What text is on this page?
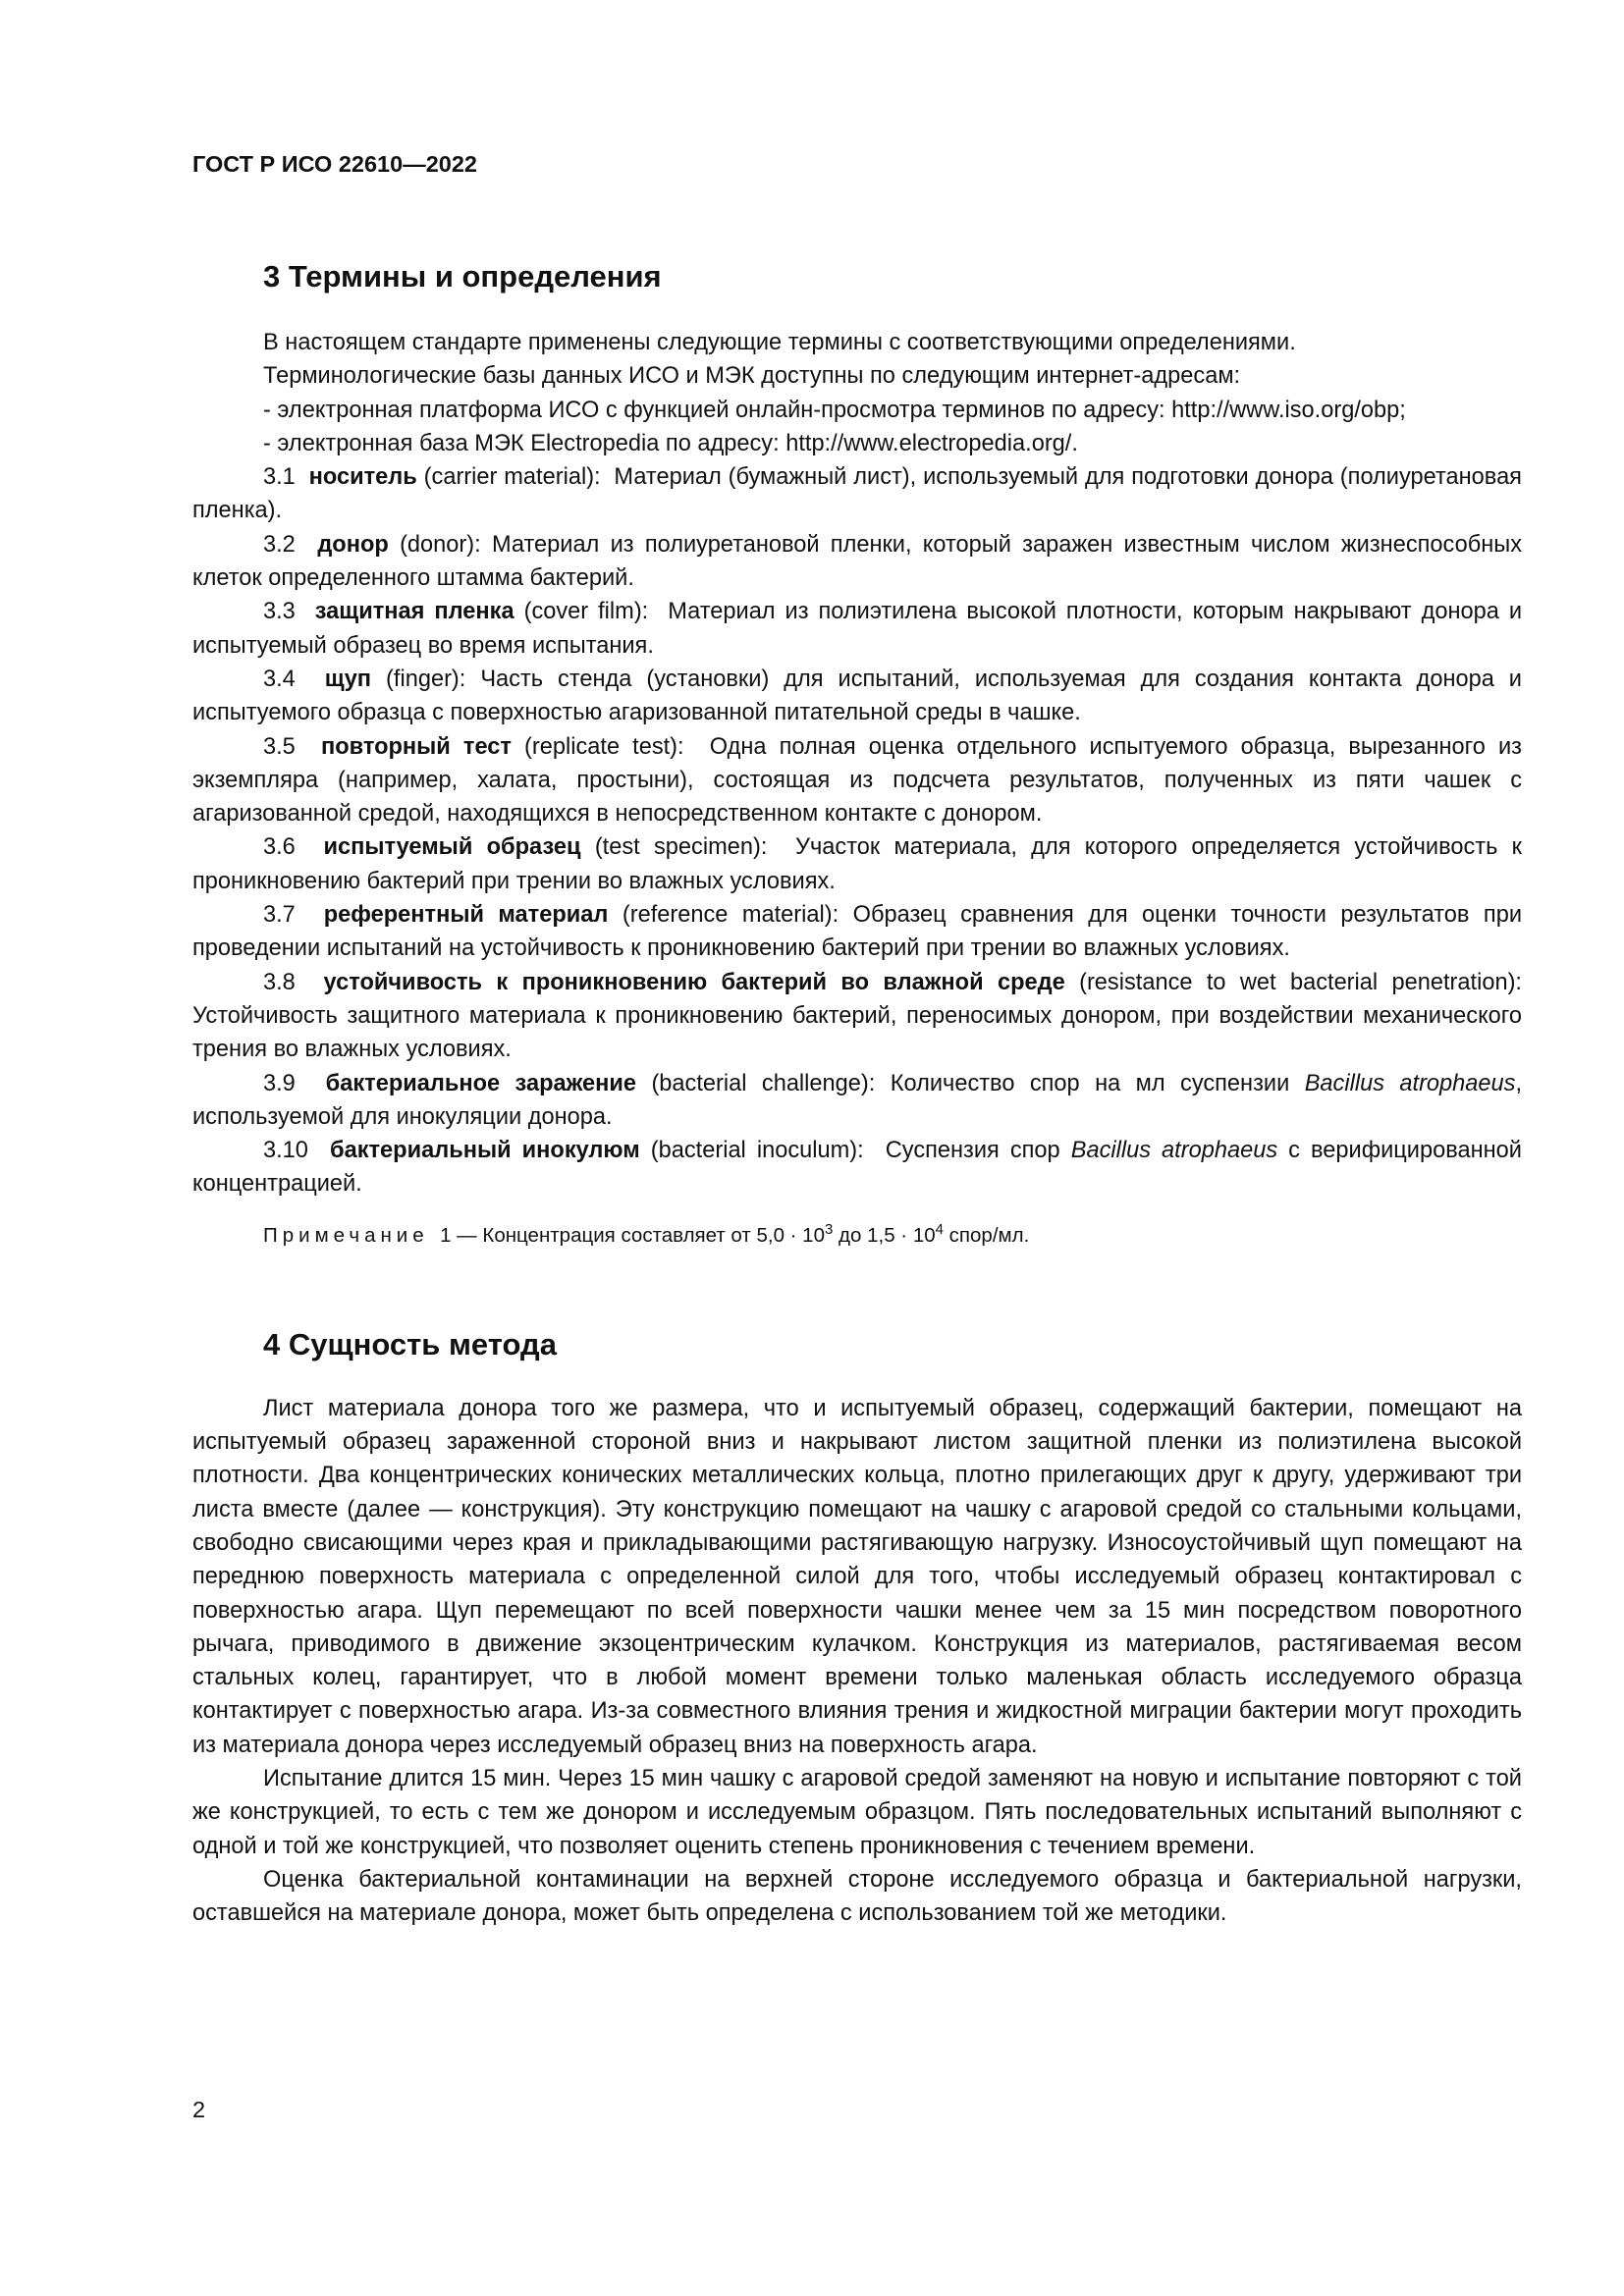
ГОСТ Р ИСО 22610—2022
3 Термины и определения

В настоящем стандарте применены следующие термины с соответствующими определениями.

Терминологические базы данных ИСО и МЭК доступны по следующим интернет-адресам:

- электронная платформа ИСО с функцией онлайн-просмотра терминов по адресу: http://www.iso.org/obp;

- электронная база МЭК Electropedia по адресу: http://www.electropedia.org/.

3.1 носитель (carrier material): Материал (бумажный лист), используемый для подготовки донора (полиуретановая пленка).

3.2 донор (donor): Материал из полиуретановой пленки, который заражен известным числом жизнеспособных клеток определенного штамма бактерий.

3.3 защитная пленка (cover film): Материал из полиэтилена высокой плотности, которым накрывают донора и испытуемый образец во время испытания.

3.4 щуп (finger): Часть стенда (установки) для испытаний, используемая для создания контакта донора и испытуемого образца с поверхностью агаризованной питательной среды в чашке.

3.5 повторный тест (replicate test): Одна полная оценка отдельного испытуемого образца, вырезанного из экземпляра (например, халата, простыни), состоящая из подсчета результатов, полученных из пяти чашек с агаризованной средой, находящихся в непосредственном контакте с донором.

3.6 испытуемый образец (test specimen): Участок материала, для которого определяется устойчивость к проникновению бактерий при трении во влажных условиях.

3.7 референтный материал (reference material): Образец сравнения для оценки точности результатов при проведении испытаний на устойчивость к проникновению бактерий при трении во влажных условиях.

3.8 устойчивость к проникновению бактерий во влажной среде (resistance to wet bacterial penetration): Устойчивость защитного материала к проникновению бактерий, переносимых донором, при воздействии механического трения во влажных условиях.

3.9 бактериальное заражение (bacterial challenge): Количество спор на мл суспензии Bacillus atrophaeus, используемой для инокуляции донора.

3.10 бактериальный инокулюм (bacterial inoculum): Суспензия спор Bacillus atrophaeus с верифицированной концентрацией.

Примечание 1 — Концентрация составляет от $5,0 \cdot 10^3$ до $1,5 \cdot 10^4$ спор/мл.

4 Сущность метода

Лист материала донора того же размера, что и испытуемый образец, содержащий бактерии, помещают на испытуемый образец зараженной стороной вниз и накрывают листом защитной пленки из полиэтилена высокой плотности. Два концентрических конических металлических кольца, плотно прилегающих друг к другу, удерживают три листа вместе (далее — конструкция). Эту конструкцию помещают на чашку с агаровой средой со стальными кольцами, свободно свисающими через края и прикладывающими растягивающую нагрузку. Износоустойчивый щуп помещают на переднюю поверхность материала с определенной силой для того, чтобы исследуемый образец контактировал с поверхностью агара. Щуп перемещают по всей поверхности чашки менее чем за 15 мин посредством поворотного рычага, приводимого в движение экзоцентрическим кулачком. Конструкция из материалов, растягиваемая весом стальных колец, гарантирует, что в любой момент времени только маленькая область исследуемого образца контактирует с поверхностью агара. Из-за совместного влияния трения и жидкостной миграции бактерии могут проходить из материала донора через исследуемый образец вниз на поверхность агара.

Испытание длится 15 мин. Через 15 мин чашку с агаровой средой заменяют на новую и испытание повторяют с той же конструкцией, то есть с тем же донором и исследуемым образцом. Пять последовательных испытаний выполняют с одной и той же конструкцией, что позволяет оценить степень проникновения с течением времени.

Оценка бактериальной контаминации на верхней стороне исследуемого образца и бактериальной нагрузки, оставшейся на материале донора, может быть определена с использованием той же методики.

2
